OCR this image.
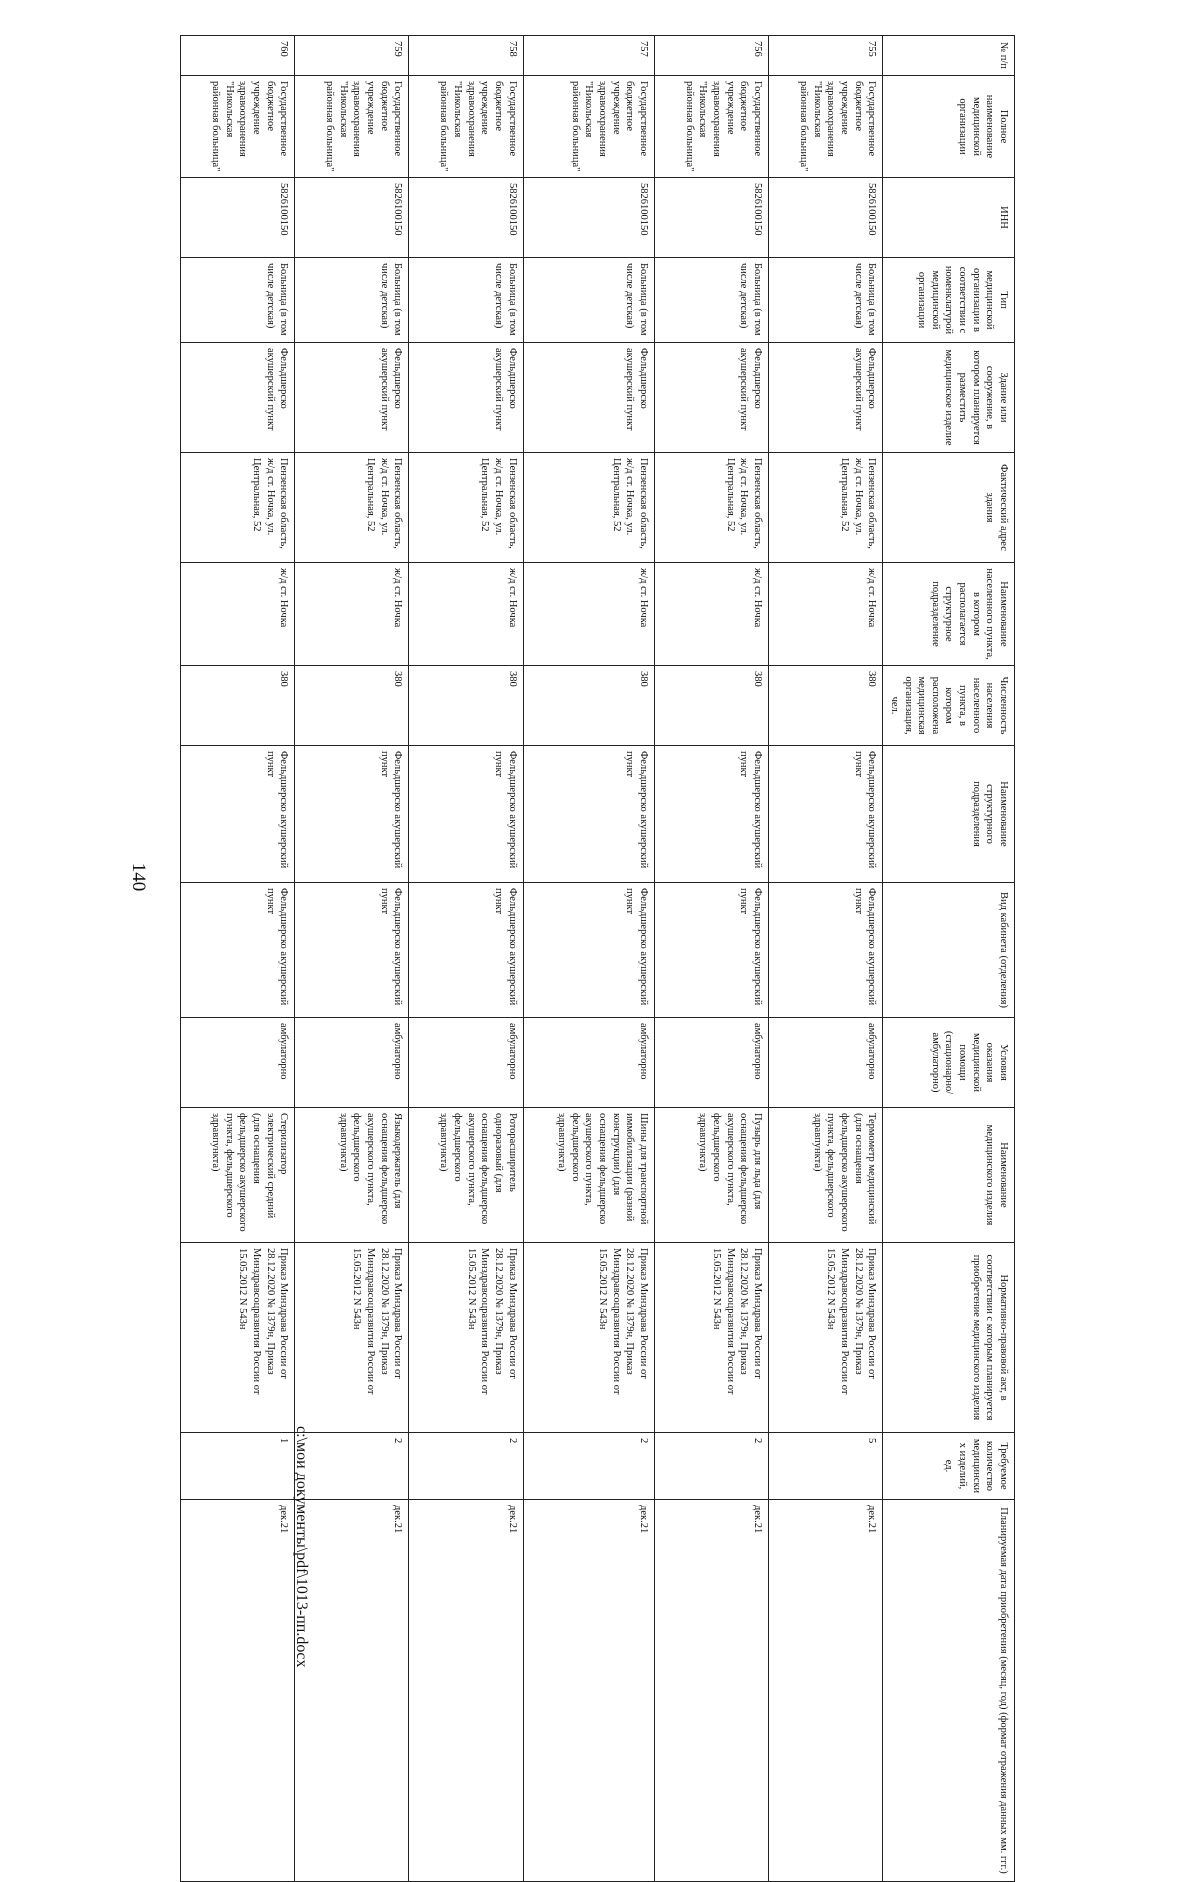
140
№ п/п	Полное наименование медицинской организации	ИНН	Тип медицинской организации в соответствии с номенклатурой медицинской организации	Здание или сооружение, в котором планируется разместить медицинское изделие	Фактический адрес здания	Наименование населенного пункта, в котором располагается структурное подразделение	Численность населения населенного пункта, в котором расположена медицинская организация, чел.	Наименование структурного подразделения	Вид кабинета (отделения)	Условия оказания медицинской помощи (стационарно/ амбулаторно)	Наименование медицинского изделия	Нормативно-правовой акт, в соответствии с которым планируется приобретение медицинского изделия	Требуемое количество медицинских изделий, ед.	Планируемая дата приобретения (месяц, год) (формат отражения данных мм. ггг.)
755	Государственное бюджетное учреждение здравоохранения "Никольская районная больница"	5826100150	Больница (в том числе детская)	Фельдшерско акушерский пункт	Пензенская область, ж/д ст. Ночка, ул. Центральная, 52	ж/д ст. Ночка	380	Фельдшерско акушерский пункт	Фельдшерско акушерский пункт	амбулаторно	Термометр медицинский (для оснащения фельдшерско акушерского пункта, фельдшерского здравпункта)	Приказ Минздрава России от 28.12.2020 № 1379н, Приказ Минздравсоцразвития России от 15.05.2012 N 543н	5	дек.21
756	Государственное бюджетное учреждение здравоохранения "Никольская районная больница"	5826100150	Больница (в том числе детская)	Фельдшерско акушерский пункт	Пензенская область, ж/д ст. Ночка, ул. Центральная, 52	ж/д ст. Ночка	380	Фельдшерско акушерский пункт	Фельдшерско акушерский пункт	амбулаторно	Пузырь для льда (для оснащения фельдшерско акушерского пункта, фельдшерского здравпункта)	Приказ Минздрава России от 28.12.2020 № 1379н, Приказ Минздравсоцразвития России от 15.05.2012 N 543н	2	дек.21
757	Государственное бюджетное учреждение здравоохранения "Никольская районная больница"	5826100150	Больница (в том числе детская)	Фельдшерско акушерский пункт	Пензенская область, ж/д ст. Ночка, ул. Центральная, 52	ж/д ст. Ночка	380	Фельдшерско акушерский пункт	Фельдшерско акушерский пункт	амбулаторно	Шины для транспортной иммобилизации (разной конструкции) (для оснащения фельдшерско акушерского пункта, фельдшерского здравпункта)	Приказ Минздрава России от 28.12.2020 № 1379н, Приказ Минздравсоцразвития России от 15.05.2012 N 543н	2	дек.21
758	Государственное бюджетное учреждение здравоохранения "Никольская районная больница"	5826100150	Больница (в том числе детская)	Фельдшерско акушерский пункт	Пензенская область, ж/д ст. Ночка, ул. Центральная, 52	ж/д ст. Ночка	380	Фельдшерско акушерский пункт	Фельдшерско акушерский пункт	амбулаторно	Роторасширитель одноразовый (для оснащения фельдшерско акушерского пункта, фельдшерского здравпункта)	Приказ Минздрава России от 28.12.2020 № 1379н, Приказ Минздравсоцразвития России от 15.05.2012 N 543н	2	дек.21
759	Государственное бюджетное учреждение здравоохранения "Никольская районная больница"	5826100150	Больница (в том числе детская)	Фельдшерско акушерский пункт	Пензенская область, ж/д ст. Ночка, ул. Центральная, 52	ж/д ст. Ночка	380	Фельдшерско акушерский пункт	Фельдшерско акушерский пункт	амбулаторно	Языкодержатель (для оснащения фельдшерско акушерского пункта, фельдшерского здравпункта)	Приказ Минздрава России от 28.12.2020 № 1379н, Приказ Минздравсоцразвития России от 15.05.2012 N 543н	2	дек.21
760	Государственное бюджетное учреждение здравоохранения "Никольская районная больница"	5826100150	Больница (в том числе детская)	Фельдшерско акушерский пункт	Пензенская область, ж/д ст. Ночка, ул. Центральная, 52	ж/д ст. Ночка	380	Фельдшерско акушерский пункт	Фельдшерско акушерский пункт	амбулаторно	Стерилизатор электрический средний (для оснащения фельдшерско акушерского пункта, фельдшерского здравпункта)	Приказ Минздрава России от 28.12.2020 № 1379н, Приказ Минздравсоцразвития России от 15.05.2012 N 543н	1	дек.21 c:\мои документы\pdf\1013-пп.docx
